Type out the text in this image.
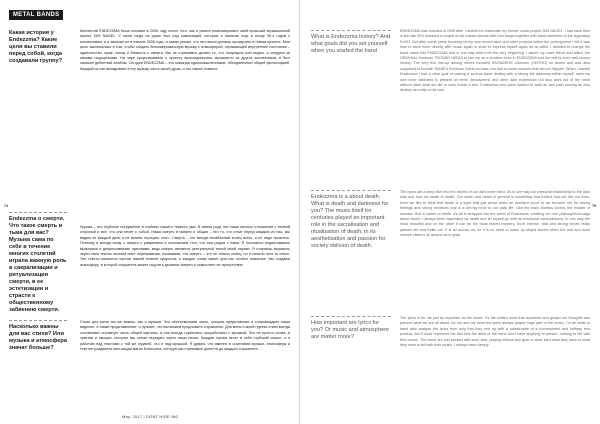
METAL BANDS
Какая история у Endezzma? Какие цели вы ставили перед собой, когда создавали группу?
Коллектив ENDEZZMA была основан в 2006 году после того, как я решил реанимировать свой прошлый музыкальный проект DIM NAGEL. У меня тогда на руках был ряд композиций, которые я написал еще в конце 90-х годов с коллективом, и я записал их в начале 2006 года, а затем решил, что эти песни должны прозвучать в новом проекте. Моя цель заключалась в том, чтобы создать бескомпромиссную музыку с атмосферой, отражающей внутреннее состояние – одиночество, мрак, холод и близость к смерти. Мы не стремимся делать то, что популярно или модно, а следуем за своими ощущениями. На заре существования к проекту присоединились музыканты из других коллективов, и был записан дебютный альбом. Сегодня ENDEZZMA – это команда единомышленников, объединенных общей философией. Каждый из нас вкладывает в эту музыку часть своей души, и это самое главное.
Endezzma о смерти. Что такое смерть и тьма для вас? Музыка сама по себе в течение многих столетий играла важную роль в сакрализации и ритуализации смерти, в ее эстетизации и страсти к общественному забвению смерти.
Лирика – это глубокое погружение в глубины нашего темного ума. В своем роде это наши личные отношения с темной стороной и все, что она несет с собой. Наша смерть в смерти и общая – это то, что стоит перед каждым из нас, мы видим ее каждый день и не можем отрицать этого. Смерть – это всегда неизбежный конец всего, и ее надо признать. Поэтому я всегда пишу о смерти с уважением и осознанием того, что она рядом с нами. Я постоянно подпитываюсь мрачными и депрессивными чувствами, ведь смерть является центральной темой моей лирики. Я стараюсь выразить через свои тексты личный опыт переживания, показывая, что смерть – это не только конец, но и начало чего-то иного. Эти тексты являются частью нашей темной сущности, и каждое слово имеет для нас особое значение. Мы создаем атмосферу, в которой слушатель может ощутить дыхание смерти и осмыслить ее присутствие.
Насколько важны для вас стихи? Или музыка и атмосфера значат больше?
Стихи для меня так же важны, как и музыка. Это неотъемлемая часть, которая представляет и сопровождает наше видение, а также представление, и лучшее, что мы можем предложить слушателю. Для меня и моей группы стихи всегда составляют огромную часть общей картины, и они всегда тщательно проработаны с музыкой. Это не просто слова, а чувства и эмоции, которые мы хотим передать через наши песни. Каждая строка несет в себе глубокий смысл, и я работаю над текстами с той же отдачей, что и над музыкой. Я думаю, что именно в сочетании музыки, атмосферы и текстов рождается настоящая магия Endezzma, которую мы стремимся донести до каждого слушателя.
74
May, 2017 | DONT HIDE №2
75
What is Endezzma history? And what goals did you set yourself when you started the band
ENDEZZMA was founded in 2006 after I decided to reanimate my former music project DIM NAGEL. I had back then in the late 90's released a couple of old classic demos with Dim Nagel together with band members of the legendary KVIST. But after some years focusing on my own record label and other projects within the underground I felt it was time to work more directly with music again in order to express myself again as an artist. I decided to change the band name into ENDEZZMA and in one way start from the very beginning. I asked my close friend and allied, the ORIGINAL frontman TRONDR NEFAS to join me as a creative force in ENDEZZMA and the rest is more well-known history. The very first line-up among others included RAGNAROK drummer (ONTHO) on drums and was also supposed to include TAAKE's frontman Hoest on bass, but due to some reasons that did not happen. When I started Endezzma I had a clear goal of making a serious band dealing with a strong felt darkness within myself, uses my own inner darkness to present an eerie, atmospheric and other dark expression but also work out of the heart without label what we did or work inside a box. Endezzma very quick started to walk its own path carving its own destiny as entity on its own.
Endezzma is a about death. What is death and darkness for you? The music itself for centuries played an important role in the sacralisation and ritualization of death, in its aesthetisation and passion for society oblivion of death.
The lyrics are a deep dive into the depths of our dark inner mind. It's in one way our personal relationship to the dark side and how we relate to death. Our death and death in general is something that control how we live our lives, even we like to think that death is a topic that just arrive when an accident occur or we become old. Its strong feelings and strong emotions that is a driving force in our daily life. Like the track Morbus Divina, the master of disease. And a carrier of death. It's all in wrapped into the world of Endezzma, creating our own philosophical saga about death. I always been fascinated by death and let myself go with its emotional contradictions, in one way the most beautiful and on the other it can be the most feared mystery. Such intense, vital and strong forces really passes me and thrills me. It is all around us, so it is no need to make up stupid stories when the real and most intense vibes is all around us to grab.
How important are lyrics for you? Or music and atmosphere are matter more?
The lyrics is for me just as important as the music. It's the written word that represent and gospel our thoughts and present what we are all about, for me and my band the lyrics always played huge part of the music, I'm an artist or band take analyze the lyrics from only that they end up with a catastrophe of a uncompleted and hallway end product, but it does represent the fact that the artist or the band don't have anything to preach, nothing to tell with their music. The world are just packed with such acts, playing without any goal or clear idea what they want or what they want to tell with their music. I always been deeply
